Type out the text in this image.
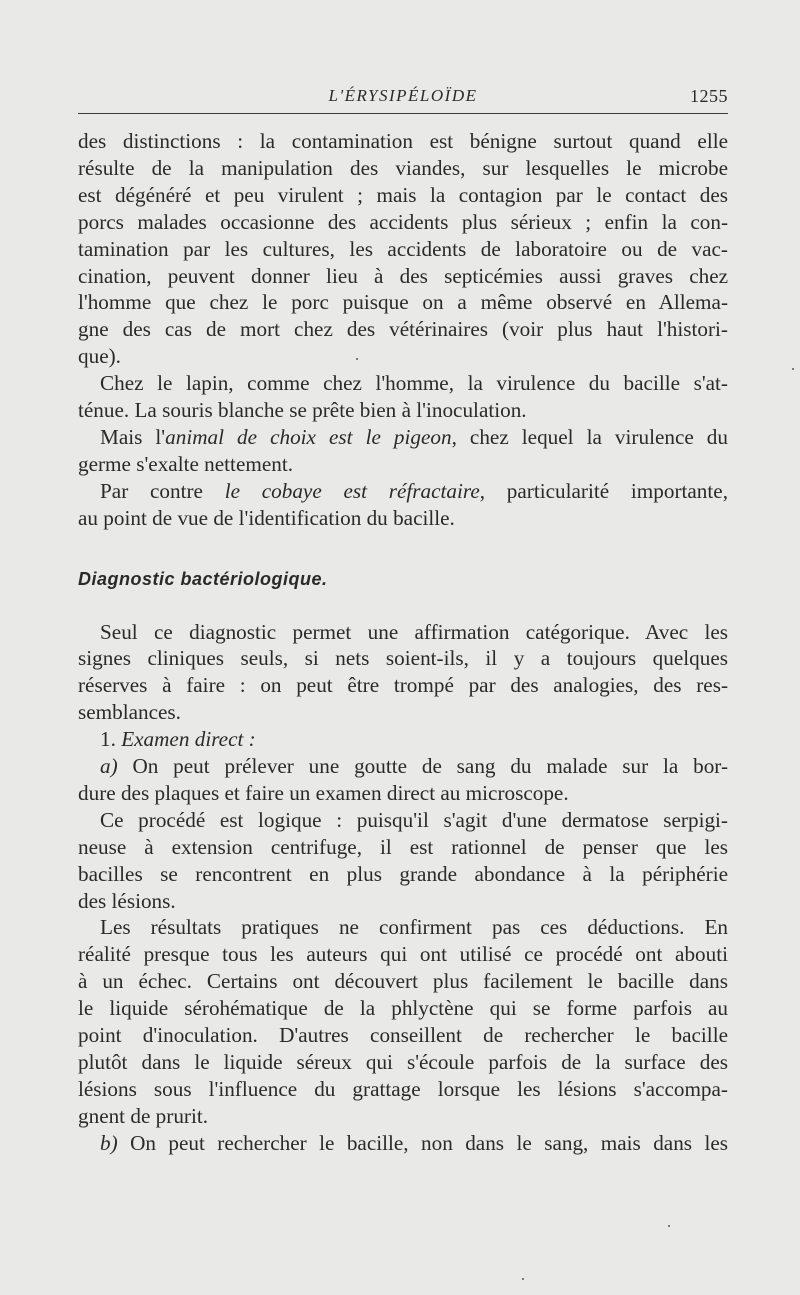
L'ÉRYSIPÉLOÏDE	1255

des distinctions : la contamination est bénigne surtout quand elle
résulte de la manipulation des viandes, sur lesquelles le microbe
est dégénéré et peu virulent ; mais la contagion par le contact des
porcs malades occasionne des accidents plus sérieux ; enfin la con-
tamination par les cultures, les accidents de laboratoire ou de vac-
cination, peuvent donner lieu à des septicémies aussi graves chez
l'homme que chez le porc puisque on a même observé en Allema-
gne des cas de mort chez des vétérinaires (voir plus haut l'histori-
que).

Chez le lapin, comme chez l'homme, la virulence du bacille s'at-
ténue. La souris blanche se prête bien à l'inoculation.

Mais l'animal de choix est le pigeon, chez lequel la virulence du
germe s'exalte nettement.

Par contre le cobaye est réfractaire, particularité importante,
au point de vue de l'identification du bacille.

Diagnostic bactériologique.

Seul ce diagnostic permet une affirmation catégorique. Avec les
signes cliniques seuls, si nets soient-ils, il y a toujours quelques
réserves à faire : on peut être trompé par des analogies, des res-
semblances.

1. Examen direct :

a) On peut prélever une goutte de sang du malade sur la bor-
dure des plaques et faire un examen direct au microscope.

Ce procédé est logique : puisqu'il s'agit d'une dermatose serpigi-
neuse à extension centrifuge, il est rationnel de penser que les
bacilles se rencontrent en plus grande abondance à la périphérie
des lésions.

Les résultats pratiques ne confirment pas ces déductions. En
réalité presque tous les auteurs qui ont utilisé ce procédé ont abouti
à un échec. Certains ont découvert plus facilement le bacille dans
le liquide sérohématique de la phlyctène qui se forme parfois au
point d'inoculation. D'autres conseillent de rechercher le bacille
plutôt dans le liquide séreux qui s'écoule parfois de la surface des
lésions sous l'influence du grattage lorsque les lésions s'accompa-
gnent de prurit.

b) On peut rechercher le bacille, non dans le sang, mais dans les
